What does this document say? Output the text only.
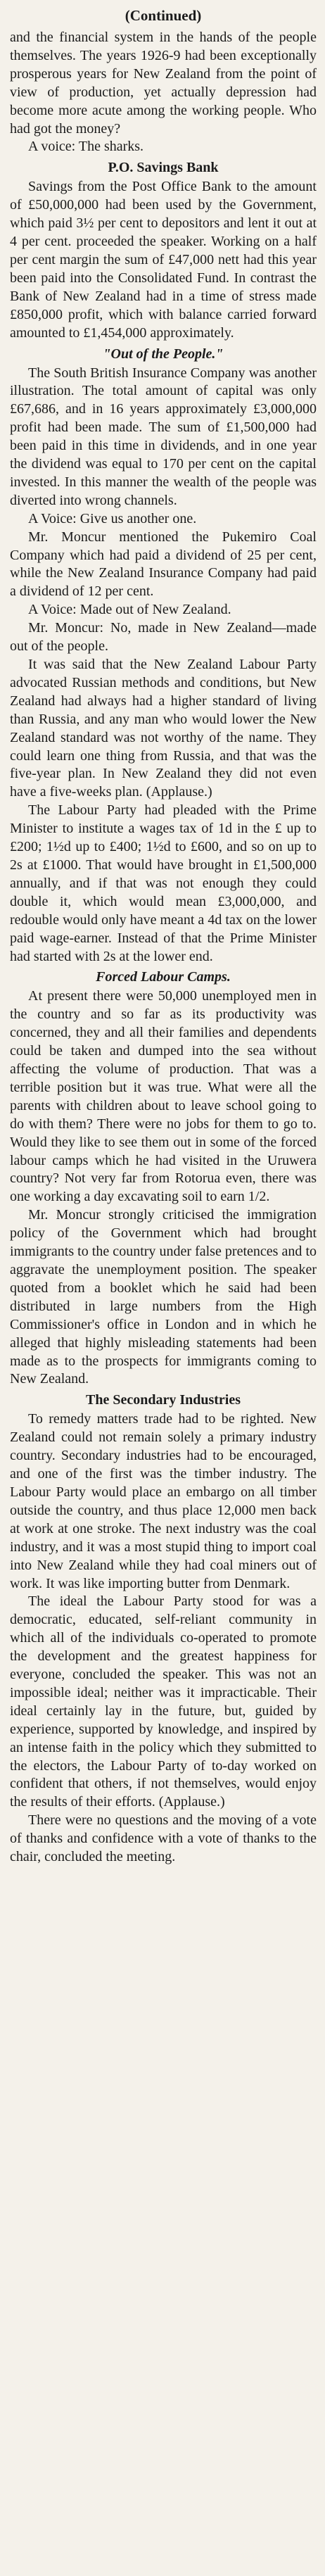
(Continued)

and the financial system in the hands of the people themselves. The years 1926-9 had been exceptionally prosperous years for New Zealand from the point of view of production, yet actually depression had become more acute among the working people. Who had got the money?

A voice: The sharks.

P.O. Savings Bank

Savings from the Post Office Bank to the amount of £50,000,000 had been used by the Government, which paid 3½ per cent to depositors and lent it out at 4 per cent. proceeded the speaker. Working on a half per cent margin the sum of £47,000 nett had this year been paid into the Consolidated Fund. In contrast the Bank of New Zealand had in a time of stress made £850,000 profit, which with balance carried forward amounted to £1,454,000 approximately.

"Out of the People."

The South British Insurance Company was another illustration. The total amount of capital was only £67,686, and in 16 years approximately £3,000,000 profit had been made. The sum of £1,500,000 had been paid in this time in dividends, and in one year the dividend was equal to 170 per cent on the capital invested. In this manner the wealth of the people was diverted into wrong channels.

A Voice: Give us another one.

Mr. Moncur mentioned the Pukemiro Coal Company which had paid a dividend of 25 per cent, while the New Zealand Insurance Company had paid a dividend of 12 per cent.

A Voice: Made out of New Zealand.

Mr. Moncur: No, made in New Zealand—made out of the people.

It was said that the New Zealand Labour Party advocated Russian methods and conditions, but New Zealand had always had a higher standard of living than Russia, and any man who would lower the New Zealand standard was not worthy of the name. They could learn one thing from Russia, and that was the five-year plan. In New Zealand they did not even have a five-weeks plan. (Applause.)

The Labour Party had pleaded with the Prime Minister to institute a wages tax of 1d in the £ up to £200; 1½d up to £400; 1½d to £600, and so on up to 2s at £1000. That would have brought in £1,500,000 annually, and if that was not enough they could double it, which would mean £3,000,000, and redouble would only have meant a 4d tax on the lower paid wage-earner. Instead of that the Prime Minister had started with 2s at the lower end.

Forced Labour Camps.

At present there were 50,000 unemployed men in the country and so far as its productivity was concerned, they and all their families and dependents could be taken and dumped into the sea without affecting the volume of production. That was a terrible position but it was true. What were all the parents with children about to leave school going to do with them? There were no jobs for them to go to. Would they like to see them out in some of the forced labour camps which he had visited in the Uruwera country? Not very far from Rotorua even, there was one working a day excavating soil to earn 1/2.

Mr. Moncur strongly criticised the immigration policy of the Government which had brought immigrants to the country under false pretences and to aggravate the unemployment position. The speaker quoted from a booklet which he said had been distributed in large numbers from the High Commissioner's office in London and in which he alleged that highly misleading statements had been made as to the prospects for immigrants coming to New Zealand.

The Secondary Industries

To remedy matters trade had to be righted. New Zealand could not remain solely a primary industry country. Secondary industries had to be encouraged, and one of the first was the timber industry. The Labour Party would place an embargo on all timber outside the country, and thus place 12,000 men back at work at one stroke. The next industry was the coal industry, and it was a most stupid thing to import coal into New Zealand while they had coal miners out of work. It was like importing butter from Denmark.

The ideal the Labour Party stood for was a democratic, educated, self-reliant community in which all of the individuals co-operated to promote the development and the greatest happiness for everyone, concluded the speaker. This was not an impossible ideal; neither was it impracticable. Their ideal certainly lay in the future, but, guided by experience, supported by knowledge, and inspired by an intense faith in the policy which they submitted to the electors, the Labour Party of to-day worked on confident that others, if not themselves, would enjoy the results of their efforts. (Applause.)

There were no questions and the moving of a vote of thanks and confidence with a vote of thanks to the chair, concluded the meeting.
